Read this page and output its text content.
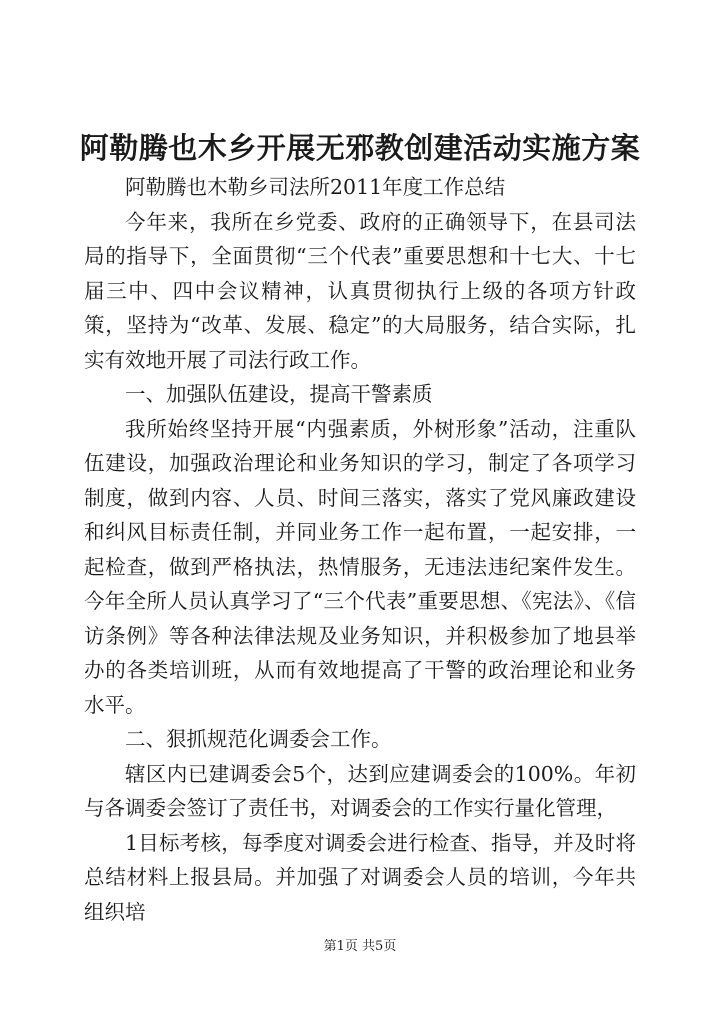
阿勒腾也木乡开展无邪教创建活动实施方案

阿勒腾也木勒乡司法所2011年度工作总结

今年来，我所在乡党委、政府的正确领导下，在县司法局的指导下，全面贯彻“三个代表”重要思想和十七大、十七届三中、四中会议精神，认真贯彻执行上级的各项方针政策，坚持为“改革、发展、稳定”的大局服务，结合实际，扎实有效地开展了司法行政工作。

一、加强队伍建设，提高干警素质

我所始终坚持开展“内强素质，外树形象”活动，注重队伍建设，加强政治理论和业务知识的学习，制定了各项学习制度，做到内容、人员、时间三落实，落实了党风廉政建设和纠风目标责任制，并同业务工作一起布置，一起安排，一起检查，做到严格执法，热情服务，无违法违纪案件发生。今年全所人员认真学习了“三个代表”重要思想、《宪法》、《信访条例》等各种法律法规及业务知识，并积极参加了地县举办的各类培训班，从而有效地提高了干警的政治理论和业务水平。

二、狠抓规范化调委会工作。

辖区内已建调委会5个，达到应建调委会的100%。年初与各调委会签订了责任书，对调委会的工作实行量化管理，

1目标考核，每季度对调委会进行检查、指导，并及时将总结材料上报县局。并加强了对调委会人员的培训，今年共组织培

第1页 共5页
